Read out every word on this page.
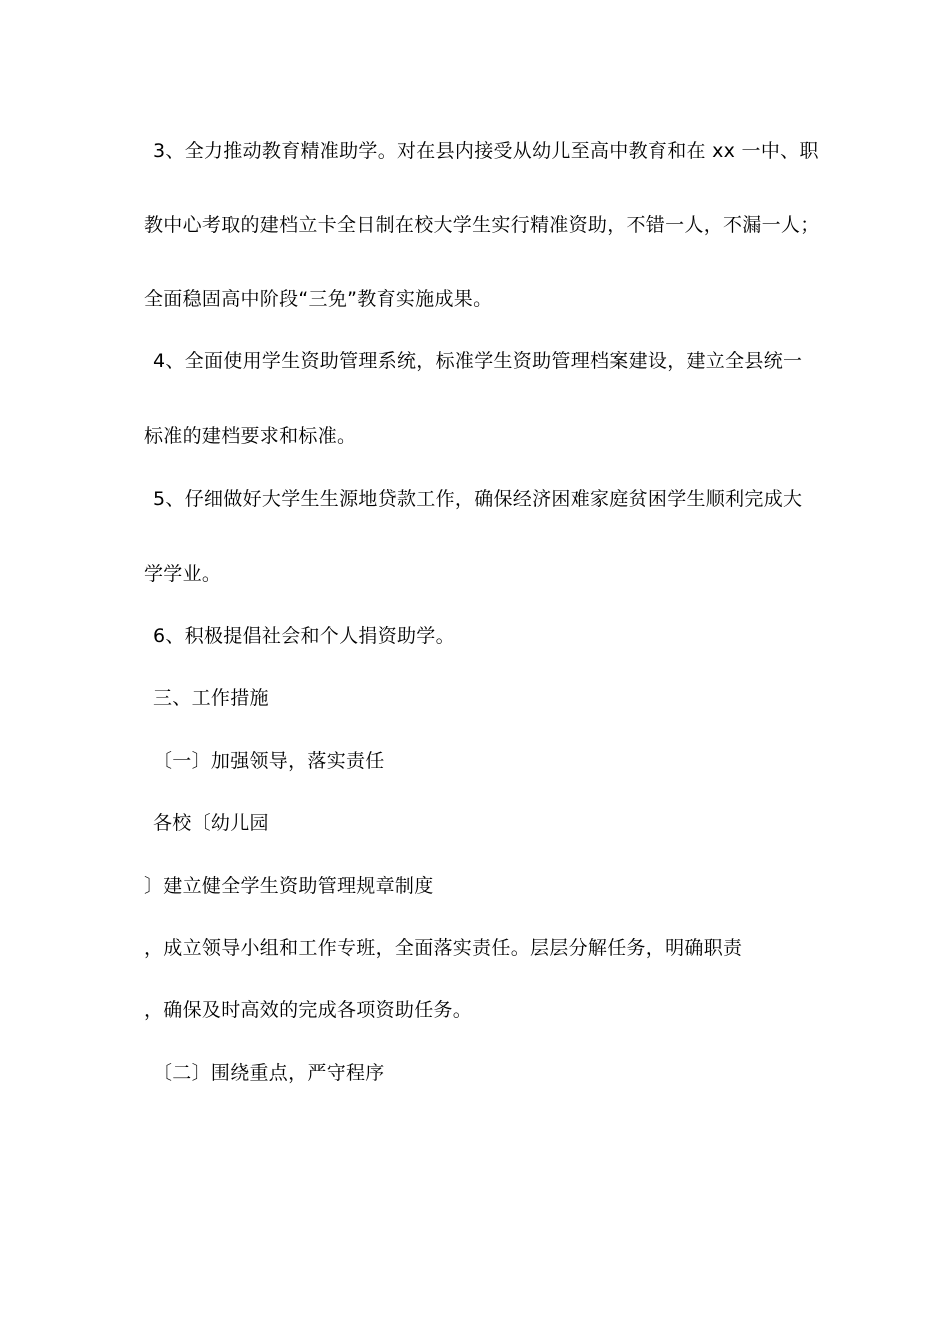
3、全力推动教育精准助学。对在县内接受从幼儿至高中教育和在 xx 一中、职
教中心考取的建档立卡全日制在校大学生实行精准资助，不错一人，不漏一人；
全面稳固高中阶段“三免”教育实施成果。
4、全面使用学生资助管理系统，标准学生资助管理档案建设，建立全县统一
标准的建档要求和标准。
5、仔细做好大学生生源地贷款工作，确保经济困难家庭贫困学生顺利完成大
学学业。
6、积极提倡社会和个人捐资助学。
三、工作措施
〔一〕加强领导，落实责任
各校〔幼儿园
〕建立健全学生资助管理规章制度
，成立领导小组和工作专班，全面落实责任。层层分解任务，明确职责
，确保及时高效的完成各项资助任务。
〔二〕围绕重点，严守程序
